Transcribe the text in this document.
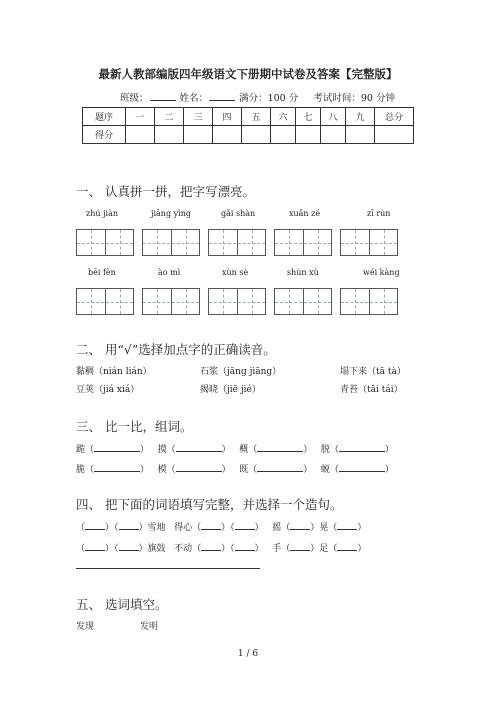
最新人教部编版四年级语文下册期中试卷及答案【完整版】
班级：	姓名：	满分：100 分 考试时间：90 分钟
题序	一	二	三	四	五	六	七	八	九	总分
得分										
一、 认真拼一拼，把字写漂亮。
zhú jiàn	jiāng yìng	gǎi shàn	xuǎn zé	zī rùn
bēi fèn	ào mì	xùn sè	shùn xù	wéi kàng
二、 用“√”选择加点字的正确读音。
黏稠（nián lián）	石浆（jāng jiāng）	塌下来（tā tà）
豆荚（jiá xiá）	揭晓（jiē jié）	青苔（tāi tái）
三、 比一比，组词。
跪（	） 摸（	） 概（	） 脱（	）
脆（	） 模（	） 既（	） 蜕（	）
四、 把下面的词语填写完整，并选择一个造句。
（ ）（ ）雪地 得心（ ）（ ） 摇（ ）晃（ ）
（ ）（ ）旗鼓 不动（ ）（ ） 手（ ）足（ ）
五、 选词填空。
发现	发明
1 / 6
